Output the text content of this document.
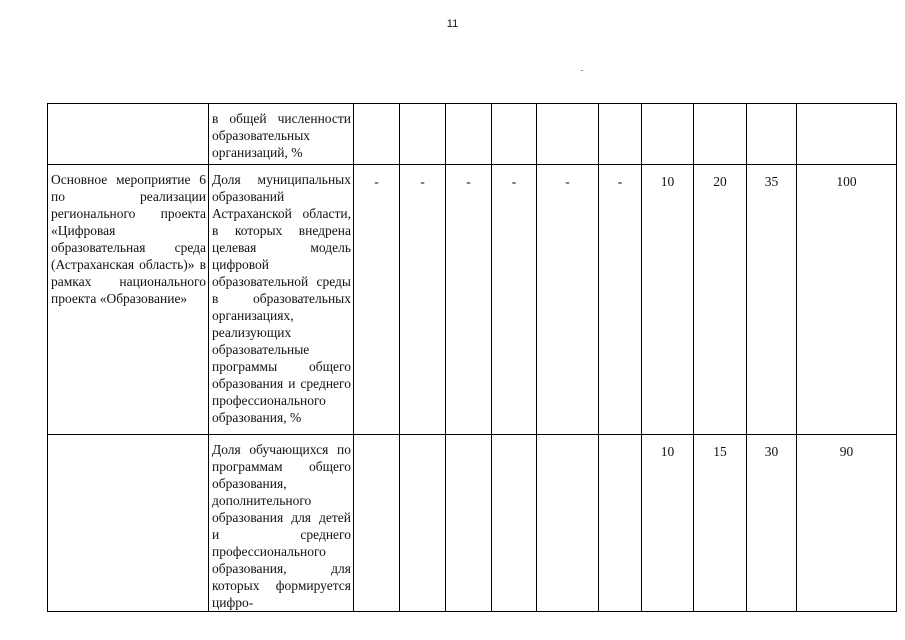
11
	в общей численности образовательных организаций, %										
Основное мероприятие 6 по реализации регионального проекта «Цифровая образовательная среда (Астраханская область)» в рамках национального проекта «Образование»	Доля муниципальных образований Астраханской области, в которых внедрена целевая модель цифровой образовательной среды в образовательных организациях, реализующих образовательные программы общего образования и среднего профессионального образования, %	-	-	-	-	-	-	10	20	35	100
	Доля обучающихся по программам общего образования, дополнительного образования для детей и среднего профессионального образования, для которых формируется цифро-							10	15	30	90
